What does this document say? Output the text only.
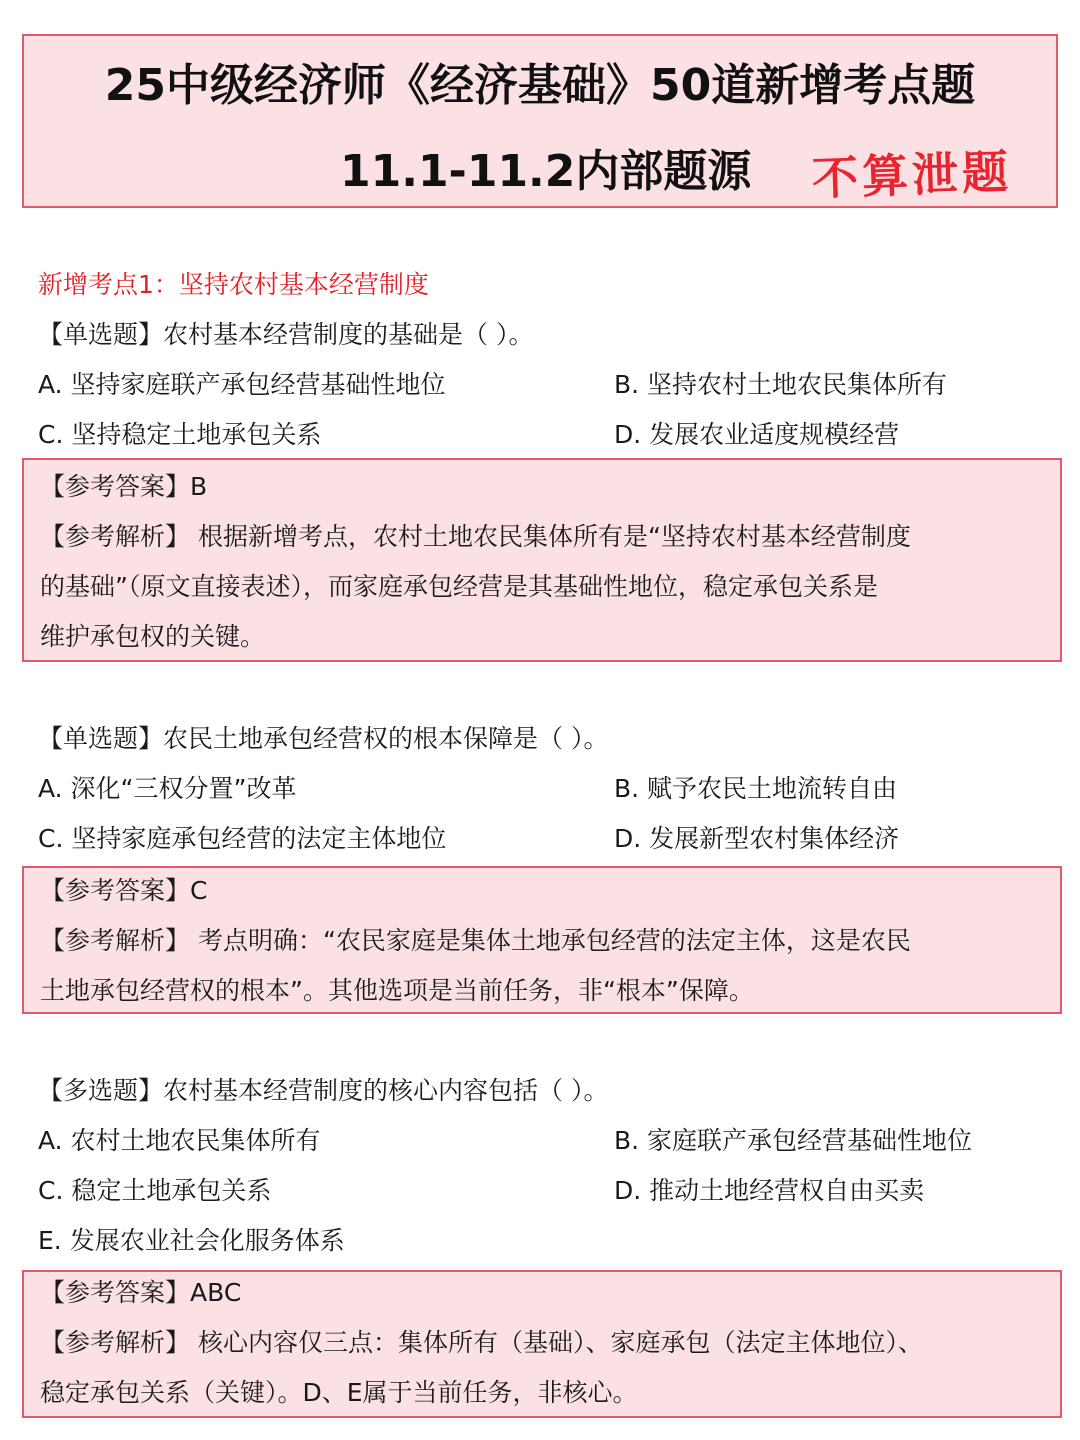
25中级经济师《经济基础》50道新增考点题
11.1-11.2内部题源 不算泄题
新增考点1：坚持农村基本经营制度
【单选题】农村基本经营制度的基础是（ ）。
A. 坚持家庭联产承包经营基础性地位	B. 坚持农村土地农民集体所有
C. 坚持稳定土地承包关系	D. 发展农业适度规模经营
【参考答案】B
【参考解析】 根据新增考点，农村土地农民集体所有是“坚持农村基本经营制度
的基础”（原文直接表述），而家庭承包经营是其基础性地位，稳定承包关系是
维护承包权的关键。
【单选题】农民土地承包经营权的根本保障是（ ）。
A. 深化“三权分置”改革	B. 赋予农民土地流转自由
C. 坚持家庭承包经营的法定主体地位	D. 发展新型农村集体经济
【参考答案】C
【参考解析】 考点明确：“农民家庭是集体土地承包经营的法定主体，这是农民
土地承包经营权的根本”。其他选项是当前任务，非“根本”保障。
【多选题】农村基本经营制度的核心内容包括（ ）。
A. 农村土地农民集体所有	B. 家庭联产承包经营基础性地位
C. 稳定土地承包关系	D. 推动土地经营权自由买卖
E. 发展农业社会化服务体系
【参考答案】ABC
【参考解析】 核心内容仅三点：集体所有（基础）、家庭承包（法定主体地位）、
稳定承包关系（关键）。D、E属于当前任务，非核心。
